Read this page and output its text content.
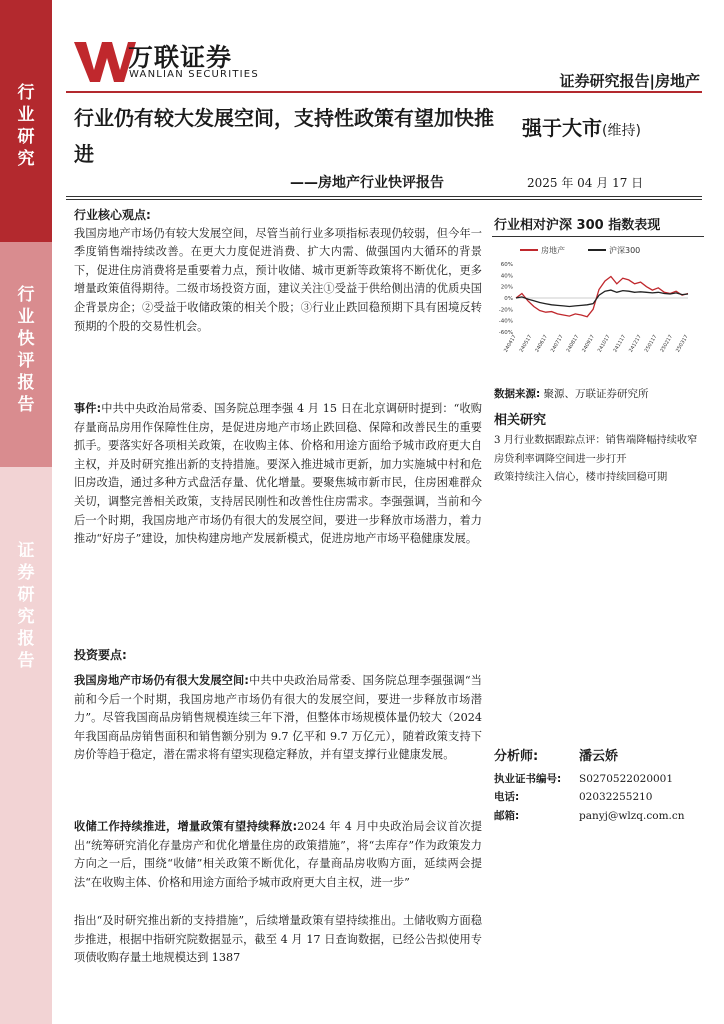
行
业
研
究
行
业
快
评
报
告
证
券
研
究
报
告
万联证券
WANLIAN SECURITIES	证券研究报告|房地产
行业仍有较大发展空间，支持性政策有望加快推进
——房地产行业快评报告
强于大市(维持)
2025 年 04 月 17 日
行业核心观点:

我国房地产市场仍有较大发展空间，尽管当前行业多项指标表现仍较弱，但今年一季度销售端持续改善。在更大力度促进消费、扩大内需、做强国内大循环的背景下，促进住房消费将是重要着力点，预计收储、城市更新等政策将不断优化，更多增量政策值得期待。二级市场投资方面，建议关注①受益于供给侧出清的优质央国企背景房企；②受益于收储政策的相关个股；③行业止跌回稳预期下具有困境反转预期的个股的交易性机会。

事件:中共中央政治局常委、国务院总理李强 4 月 15 日在北京调研时提到：“收购存量商品房用作保障性住房，是促进房地产市场止跌回稳、保障和改善民生的重要抓手。要落实好各项相关政策，在收购主体、价格和用途方面给予城市政府更大自主权，并及时研究推出新的支持措施。要深入推进城市更新，加力实施城中村和危旧房改造，通过多种方式盘活存量、优化增量。要聚焦城市新市民，住房困难群众关切，调整完善相关政策，支持居民刚性和改善性住房需求。李强强调，当前和今后一个时期，我国房地产市场仍有很大的发展空间，要进一步释放市场潜力，着力推动“好房子”建设，加快构建房地产发展新模式，促进房地产市场平稳健康发展。
投资要点:
我国房地产市场仍有很大发展空间:中共中央政治局常委、国务院总理李强强调“当前和今后一个时期，我国房地产市场仍有很大的发展空间，要进一步释放市场潜力”。尽管我国商品房销售规模连续三年下滑，但整体市场规模体量仍较大（2024 年我国商品房销售面积和销售额分别为 9.7 亿平和 9.7 万亿元），随着政策支持下房价等趋于稳定，潜在需求将有望实现稳定释放，并有望支撑行业健康发展。
收储工作持续推进，增量政策有望持续释放:2024 年 4 月中央政治局会议首次提出“统筹研究消化存量房产和优化增量住房的政策措施”，将“去库存”作为政策发力方向之一后，围绕“收储”相关政策不断优化，存量商品房收购方面，延续两会提法“在收购主体、价格和用途方面给予城市政府更大自主权，进一步”
指出“及时研究推出新的支持措施”，后续增量政策有望持续推出。土储收购方面稳步推进，根据中指研究院数据显示，截至 4 月 17 日查询数据，已经公告拟使用专项债收购存量土地规模达到 1387
行业相对沪深 300 指数表现
房地产	沪深300
60%
40%
20%
0%
-20%
-40%
-60%
240417 240517 240617 240717 240817 240917 241017 241117 241217 250117 250217 250317
数据来源: 聚源、万联证券研究所
相关研究
3 月行业数据跟踪点评：销售端降幅持续收窄
房贷利率调降空间进一步打开
政策持续注入信心，楼市持续回稳可期
分析师:	潘云娇
执业证书编号: S0270522020001
电话:	02032255210
邮箱:	panyj@wlzq.com.cn
